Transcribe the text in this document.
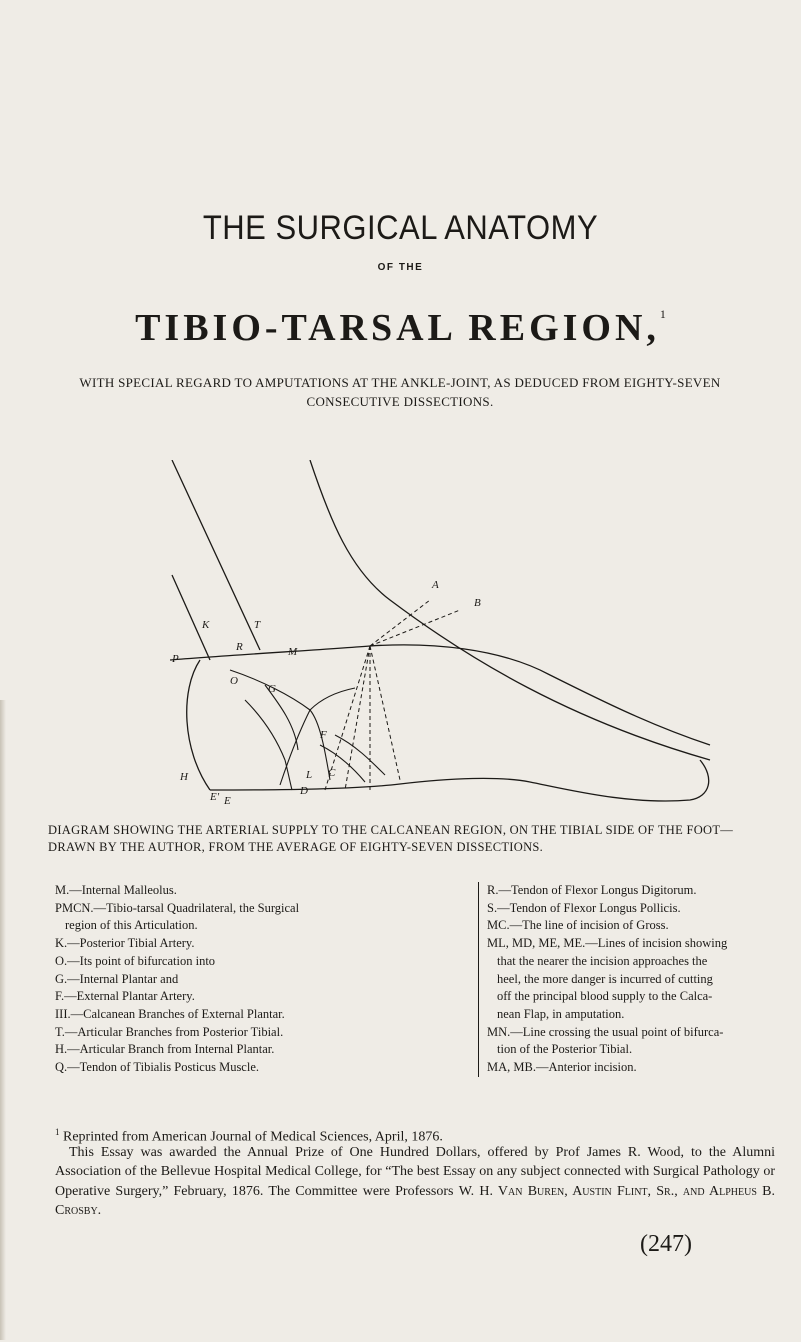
THE SURGICAL ANATOMY
OF THE
TIBIO-TARSAL REGION,$^1$
WITH SPECIAL REGARD TO AMPUTATIONS AT THE ANKLE-JOINT, AS DEDUCED FROM EIGHTY-SEVEN CONSECUTIVE DISSECTIONS.
A
B
K	T
R	M
O
G
P
F
H
E' E
D
L C
DIAGRAM SHOWING THE ARTERIAL SUPPLY TO THE CALCANEAN REGION, ON THE TIBIAL SIDE OF THE FOOT—DRAWN BY THE AUTHOR, FROM THE AVERAGE OF EIGHTY-SEVEN DISSECTIONS.

M.—Internal Malleolus.

PMCN.—Tibio-tarsal Quadrilateral, the Surgical

region of this Articulation.

K.—Posterior Tibial Artery.

O.—Its point of bifurcation into

G.—Internal Plantar and

F.—External Plantar Artery.

III.—Calcanean Branches of External Plantar.

T.—Articular Branches from Posterior Tibial.

H.—Articular Branch from Internal Plantar.

Q.—Tendon of Tibialis Posticus Muscle.

R.—Tendon of Flexor Longus Digitorum.

S.—Tendon of Flexor Longus Pollicis.

MC.—The line of incision of Gross.

ML, MD, ME, ME.—Lines of incision showing

that the nearer the incision approaches the

heel, the more danger is incurred of cutting

off the principal blood supply to the Calca-

nean Flap, in amputation.

MN.—Line crossing the usual point of bifurca-

tion of the Posterior Tibial.

MA, MB.—Anterior incision.

$^1$ Reprinted from American Journal of Medical Sciences, April, 1876.

This Essay was awarded the Annual Prize of One Hundred Dollars, offered by Prof James R. Wood, to the Alumni Association of the Bellevue Hospital Medical College, for “The best Essay on any subject connected with Surgical Pathology or Operative Surgery,” February, 1876. The Committee were Professors W. H. Van Buren, Austin Flint, Sr., and Alpheus B. Crosby.

(247)
